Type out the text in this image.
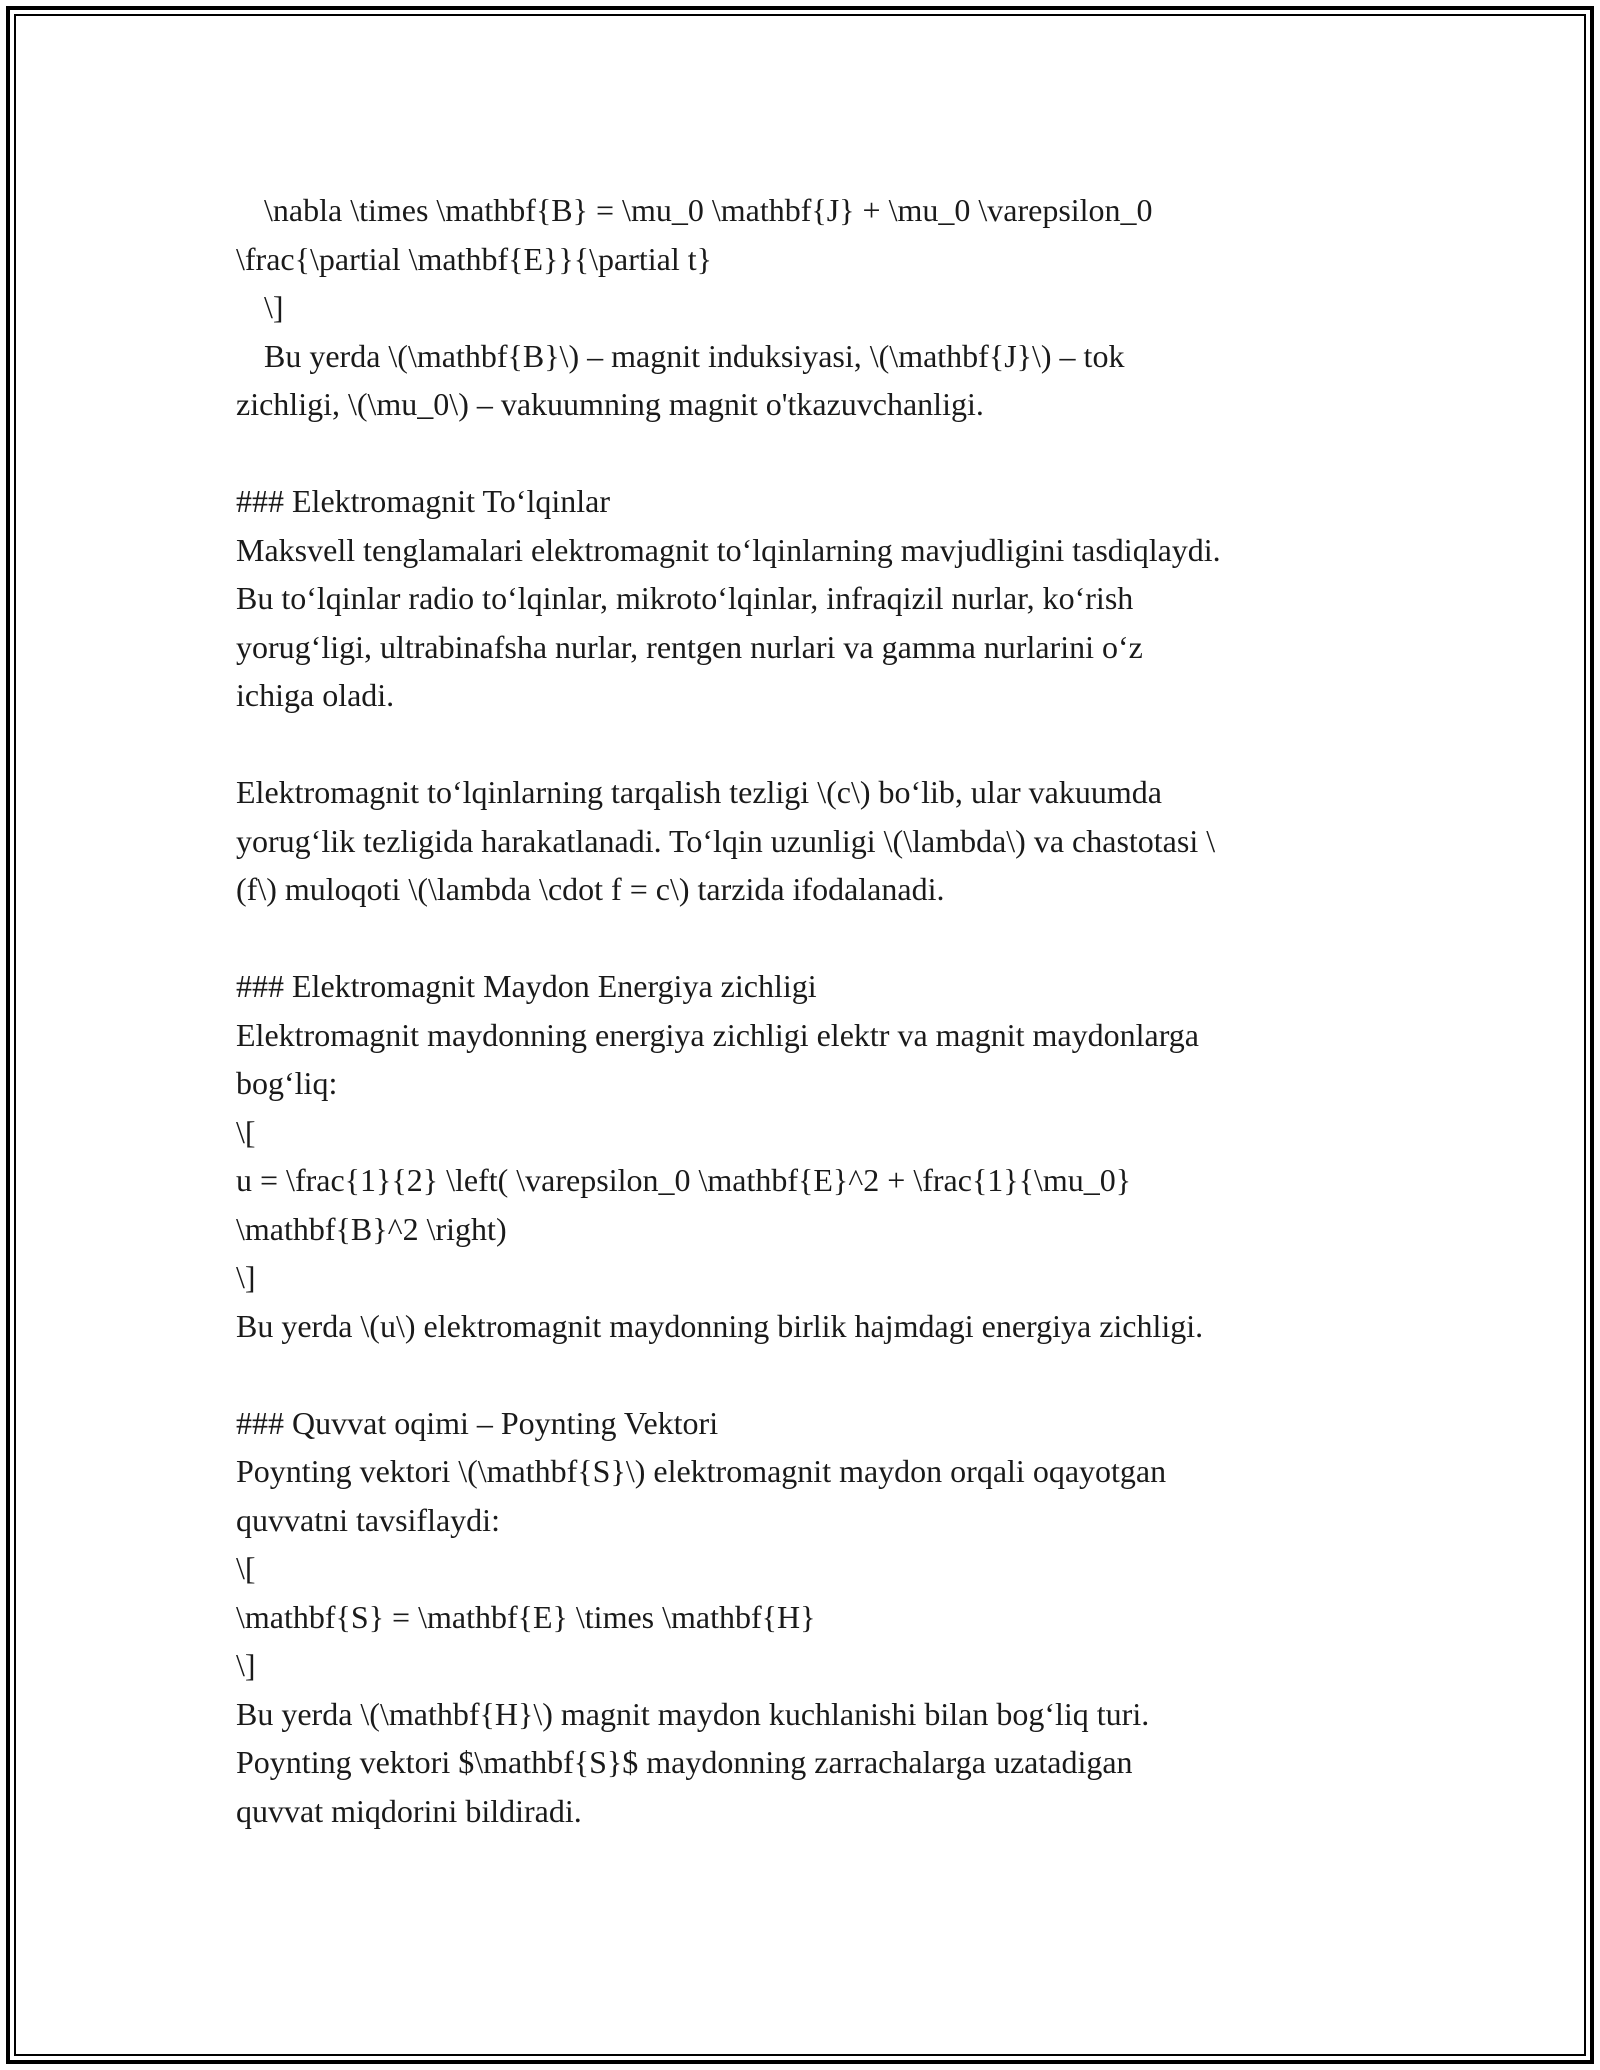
\nabla \times \mathbf{B} = \mu_0 \mathbf{J} + \mu_0 \varepsilon_0
\frac{\partial \mathbf{E}}{\partial t}
\]
Bu yerda \(\mathbf{B}\) – magnit induksiyasi, \(\mathbf{J}\) – tok
zichligi, \(\mu_0\) – vakuumning magnit o'tkazuvchanligi.
### Elektromagnit To‘lqinlar
Maksvell tenglamalari elektromagnit to‘lqinlarning mavjudligini tasdiqlaydi.
Bu to‘lqinlar radio to‘lqinlar, mikroto‘lqinlar, infraqizil nurlar, ko‘rish
yorug‘ligi, ultrabinafsha nurlar, rentgen nurlari va gamma nurlarini o‘z
ichiga oladi.
Elektromagnit to‘lqinlarning tarqalish tezligi \(c\) bo‘lib, ular vakuumda
yorug‘lik tezligida harakatlanadi. To‘lqin uzunligi \(\lambda\) va chastotasi \
(f\) muloqoti \(\lambda \cdot f = c\) tarzida ifodalanadi.
### Elektromagnit Maydon Energiya zichligi
Elektromagnit maydonning energiya zichligi elektr va magnit maydonlarga
bog‘liq:
\[
u = \frac{1}{2} \left( \varepsilon_0 \mathbf{E}^2 + \frac{1}{\mu_0}
\mathbf{B}^2 \right)
\]
Bu yerda \(u\) elektromagnit maydonning birlik hajmdagi energiya zichligi.
### Quvvat oqimi – Poynting Vektori
Poynting vektori \(\mathbf{S}\) elektromagnit maydon orqali oqayotgan
quvvatni tavsiflaydi:
\[
\mathbf{S} = \mathbf{E} \times \mathbf{H}
\]
Bu yerda \(\mathbf{H}\) magnit maydon kuchlanishi bilan bog‘liq turi.
Poynting vektori $\mathbf{S}$ maydonning zarrachalarga uzatadigan
quvvat miqdorini bildiradi.
